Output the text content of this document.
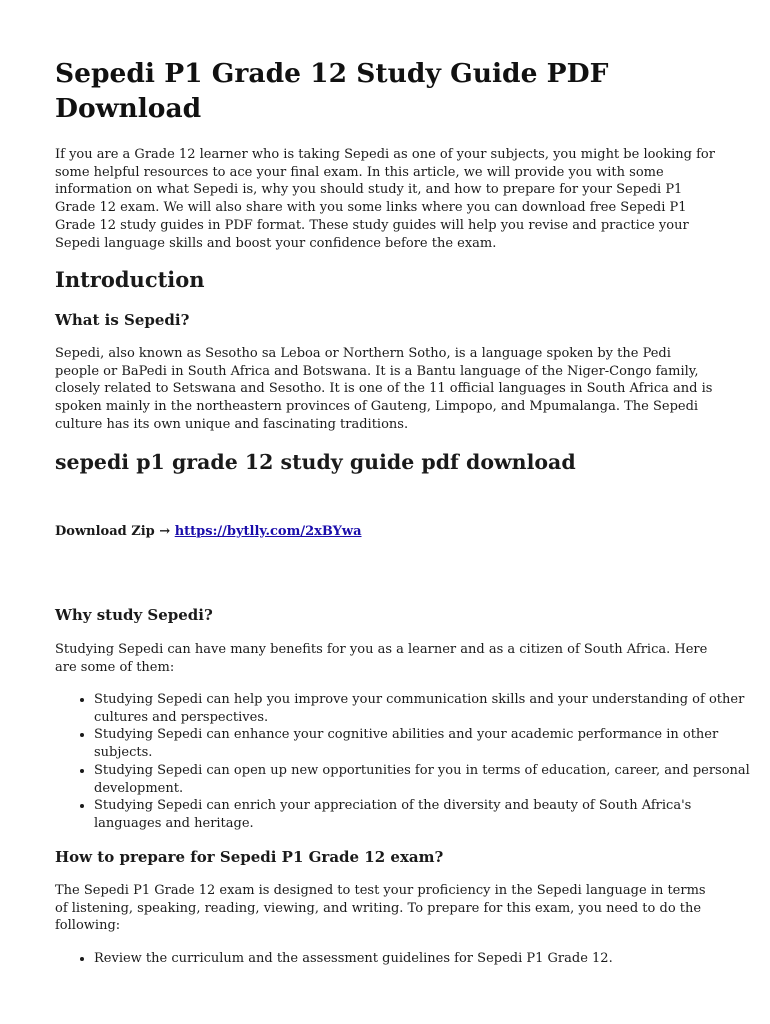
Sepedi P1 Grade 12 Study Guide PDF Download

If you are a Grade 12 learner who is taking Sepedi as one of your subjects, you might be looking for some helpful resources to ace your final exam. In this article, we will provide you with some information on what Sepedi is, why you should study it, and how to prepare for your Sepedi P1 Grade 12 exam. We will also share with you some links where you can download free Sepedi P1 Grade 12 study guides in PDF format. These study guides will help you revise and practice your Sepedi language skills and boost your confidence before the exam.

Introduction
What is Sepedi?

Sepedi, also known as Sesotho sa Leboa or Northern Sotho, is a language spoken by the Pedi people or BaPedi in South Africa and Botswana. It is a Bantu language of the Niger-Congo family, closely related to Setswana and Sesotho. It is one of the 11 official languages in South Africa and is spoken mainly in the northeastern provinces of Gauteng, Limpopo, and Mpumalanga. The Sepedi culture has its own unique and fascinating traditions.

sepedi p1 grade 12 study guide pdf download

Download Zip → https://bytlly.com/2xBYwa

Why study Sepedi?

Studying Sepedi can have many benefits for you as a learner and as a citizen of South Africa. Here are some of them:

• Studying Sepedi can help you improve your communication skills and your understanding of other cultures and perspectives.
• Studying Sepedi can enhance your cognitive abilities and your academic performance in other subjects.
• Studying Sepedi can open up new opportunities for you in terms of education, career, and personal development.
• Studying Sepedi can enrich your appreciation of the diversity and beauty of South Africa's languages and heritage.
How to prepare for Sepedi P1 Grade 12 exam?

The Sepedi P1 Grade 12 exam is designed to test your proficiency in the Sepedi language in terms of listening, speaking, reading, viewing, and writing. To prepare for this exam, you need to do the following:

• Review the curriculum and the assessment guidelines for Sepedi P1 Grade 12.
